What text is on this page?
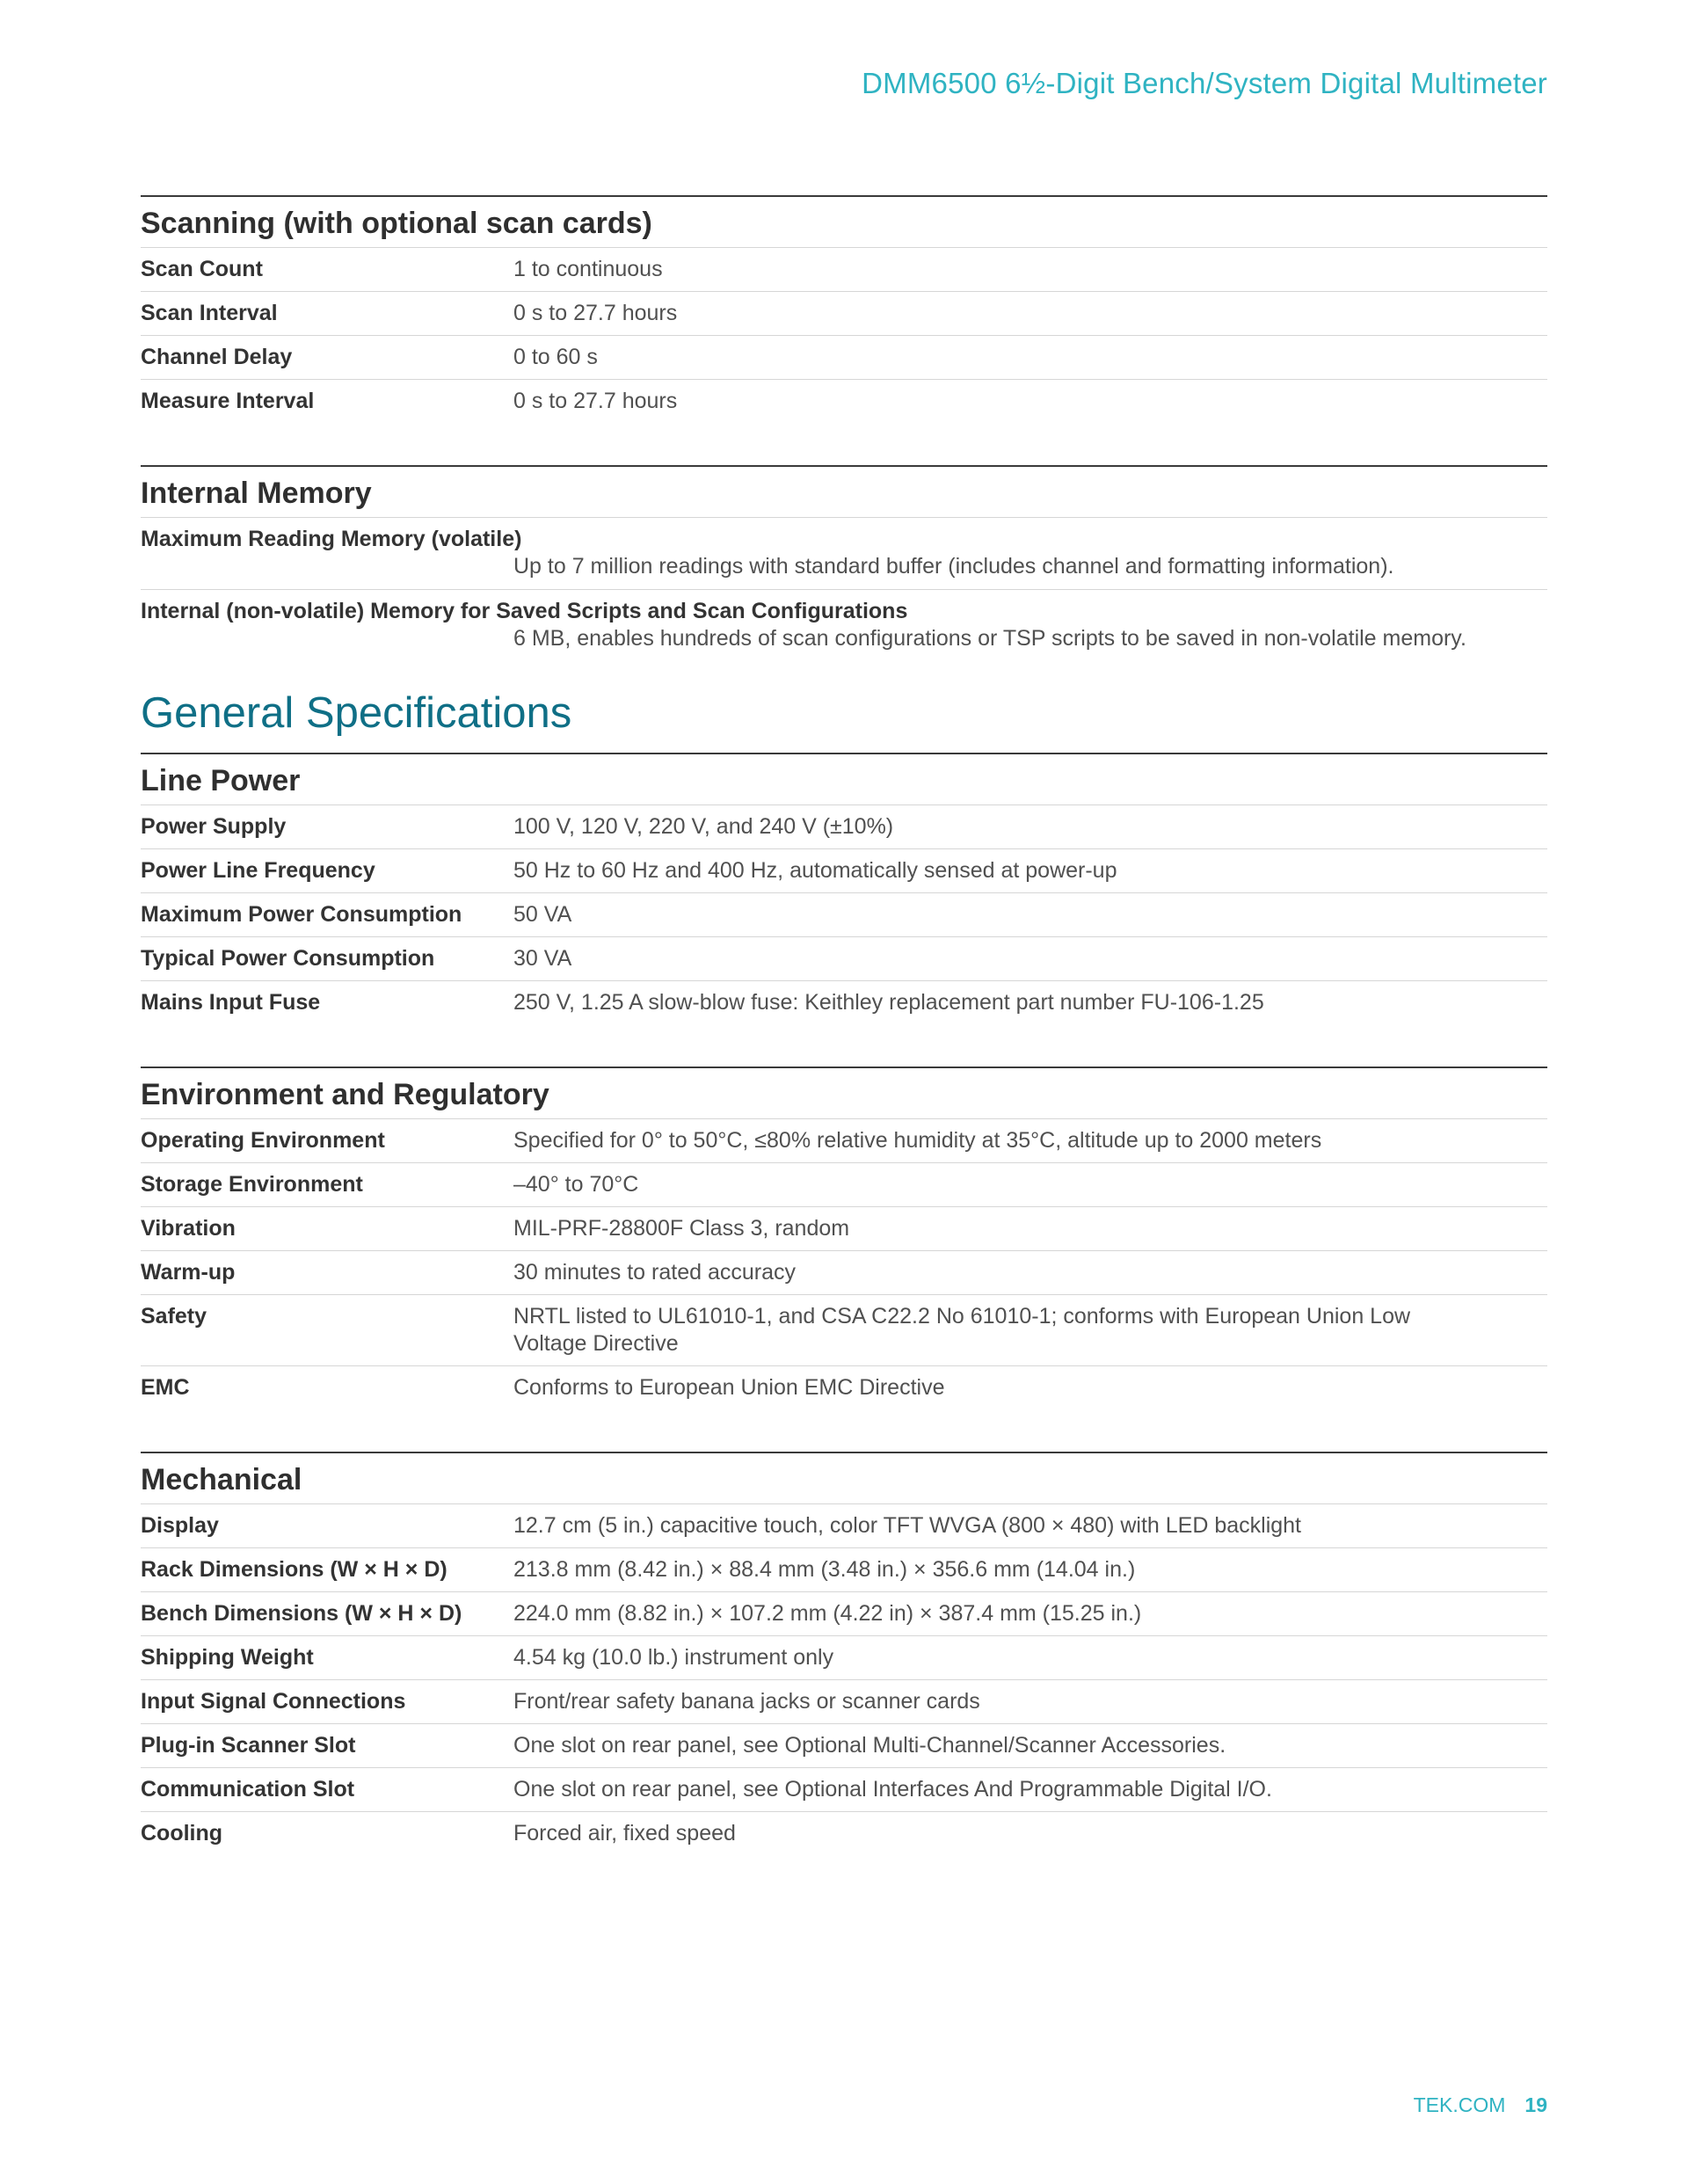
DMM6500 6½-Digit Bench/System Digital Multimeter
Scanning (with optional scan cards)
Scan Count	1 to continuous
Scan Interval	0 s to 27.7 hours
Channel Delay	0 to 60 s
Measure Interval	0 s to 27.7 hours
Internal Memory
Maximum Reading Memory (volatile)
Up to 7 million readings with standard buffer (includes channel and formatting information).
Internal (non-volatile) Memory for Saved Scripts and Scan Configurations
6 MB, enables hundreds of scan configurations or TSP scripts to be saved in non-volatile memory.
General Specifications
Line Power
Power Supply	100 V, 120 V, 220 V, and 240 V (±10%)
Power Line Frequency	50 Hz to 60 Hz and 400 Hz, automatically sensed at power-up
Maximum Power Consumption	50 VA
Typical Power Consumption	30 VA
Mains Input Fuse	250 V, 1.25 A slow-blow fuse: Keithley replacement part number FU-106-1.25
Environment and Regulatory
Operating Environment	Specified for 0° to 50°C, ≤80% relative humidity at 35°C, altitude up to 2000 meters
Storage Environment	–40° to 70°C
Vibration	MIL-PRF-28800F Class 3, random
Warm-up	30 minutes to rated accuracy
Safety	NRTL listed to UL61010-1, and CSA C22.2 No 61010-1; conforms with European Union Low Voltage Directive
EMC	Conforms to European Union EMC Directive
Mechanical
Display	12.7 cm (5 in.) capacitive touch, color TFT WVGA (800 × 480) with LED backlight
Rack Dimensions (W × H × D)	213.8 mm (8.42 in.) × 88.4 mm (3.48 in.) × 356.6 mm (14.04 in.)
Bench Dimensions (W × H × D)	224.0 mm (8.82 in.) × 107.2 mm (4.22 in) × 387.4 mm (15.25 in.)
Shipping Weight	4.54 kg (10.0 lb.) instrument only
Input Signal Connections	Front/rear safety banana jacks or scanner cards
Plug-in Scanner Slot	One slot on rear panel, see Optional Multi-Channel/Scanner Accessories.
Communication Slot	One slot on rear panel, see Optional Interfaces And Programmable Digital I/O.
Cooling	Forced air, fixed speed
TEK.COM 19
